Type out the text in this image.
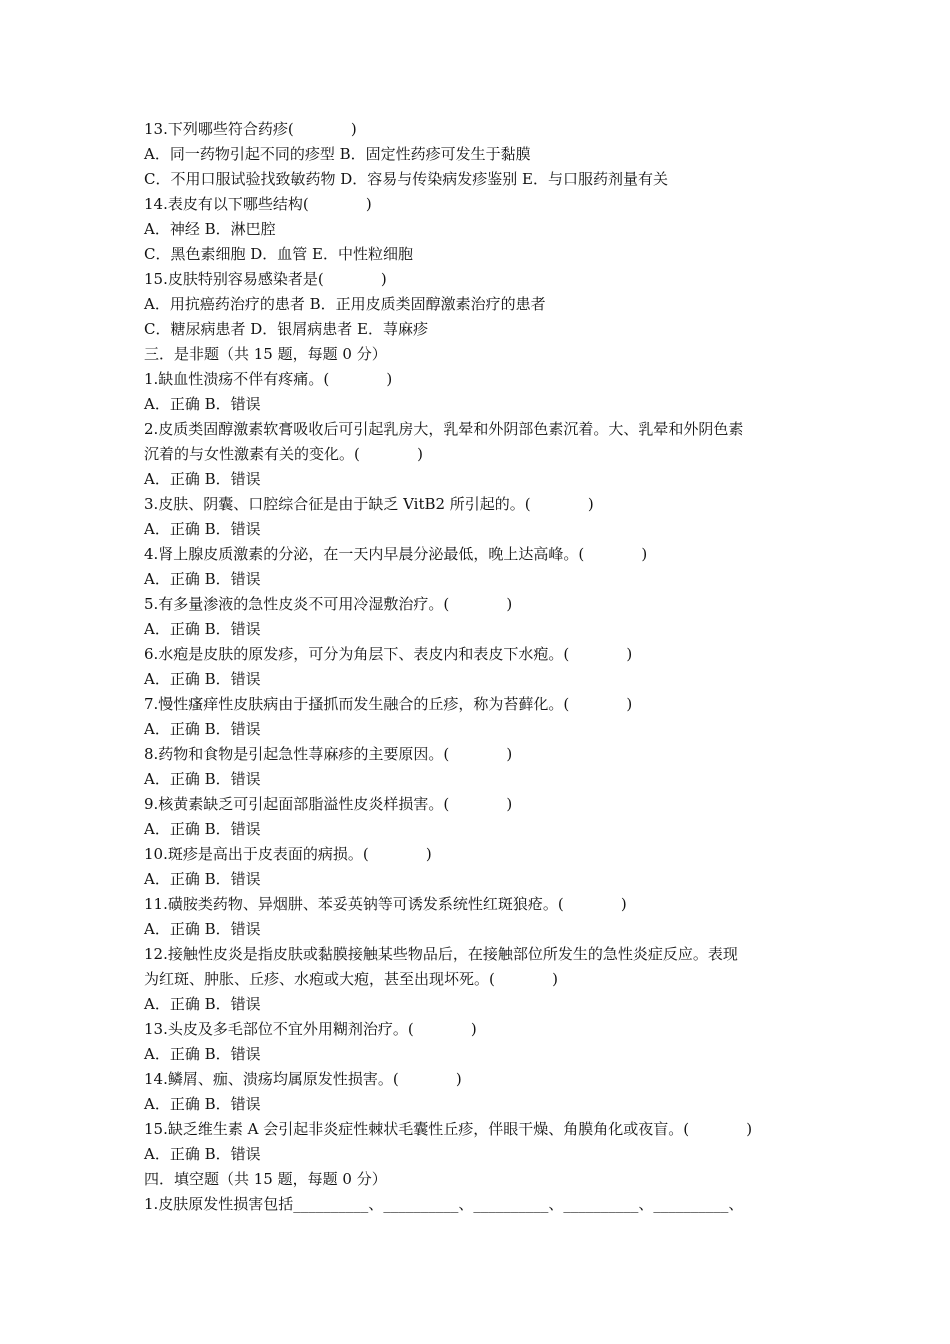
13.下列哪些符合药疹(            )
A．同一药物引起不同的疹型 B．固定性药疹可发生于黏膜
C．不用口服试验找致敏药物 D．容易与传染病发疹鉴别 E．与口服药剂量有关
14.表皮有以下哪些结构(            )
A．神经 B．淋巴腔
C．黑色素细胞 D．血管 E．中性粒细胞
15.皮肤特别容易感染者是(            )
A．用抗癌药治疗的患者 B．正用皮质类固醇激素治疗的患者
C．糖尿病患者 D．银屑病患者 E．荨麻疹
三．是非题（共 15 题，每题 0 分）
1.缺血性溃疡不伴有疼痛。(            )
A．正确 B．错误
2.皮质类固醇激素软膏吸收后可引起乳房大，乳晕和外阴部色素沉着。大、乳晕和外阴色素
沉着的与女性激素有关的变化。(            )
A．正确 B．错误
3.皮肤、阴囊、口腔综合征是由于缺乏 VitB2 所引起的。(            )
A．正确 B．错误
4.肾上腺皮质激素的分泌，在一天内早晨分泌最低，晚上达高峰。(            )
A．正确 B．错误
5.有多量渗液的急性皮炎不可用冷湿敷治疗。(            )
A．正确 B．错误
6.水疱是皮肤的原发疹，可分为角层下、表皮内和表皮下水疱。(            )
A．正确 B．错误
7.慢性瘙痒性皮肤病由于搔抓而发生融合的丘疹，称为苔藓化。(            )
A．正确 B．错误
8.药物和食物是引起急性荨麻疹的主要原因。(            )
A．正确 B．错误
9.核黄素缺乏可引起面部脂溢性皮炎样损害。(            )
A．正确 B．错误
10.斑疹是高出于皮表面的病损。(            )
A．正确 B．错误
11.磺胺类药物、异烟肼、苯妥英钠等可诱发系统性红斑狼疮。(            )
A．正确 B．错误
12.接触性皮炎是指皮肤或黏膜接触某些物品后，在接触部位所发生的急性炎症反应。表现
为红斑、肿胀、丘疹、水疱或大疱，甚至出现坏死。(            )
A．正确 B．错误
13.头皮及多毛部位不宜外用糊剂治疗。(            )
A．正确 B．错误
14.鳞屑、痂、溃疡均属原发性损害。(            )
A．正确 B．错误
15.缺乏维生素 A 会引起非炎症性棘状毛囊性丘疹，伴眼干燥、角膜角化或夜盲。(            )
A．正确 B．错误
四．填空题（共 15 题，每题 0 分）
1.皮肤原发性损害包括__________、__________、__________、__________、__________、
